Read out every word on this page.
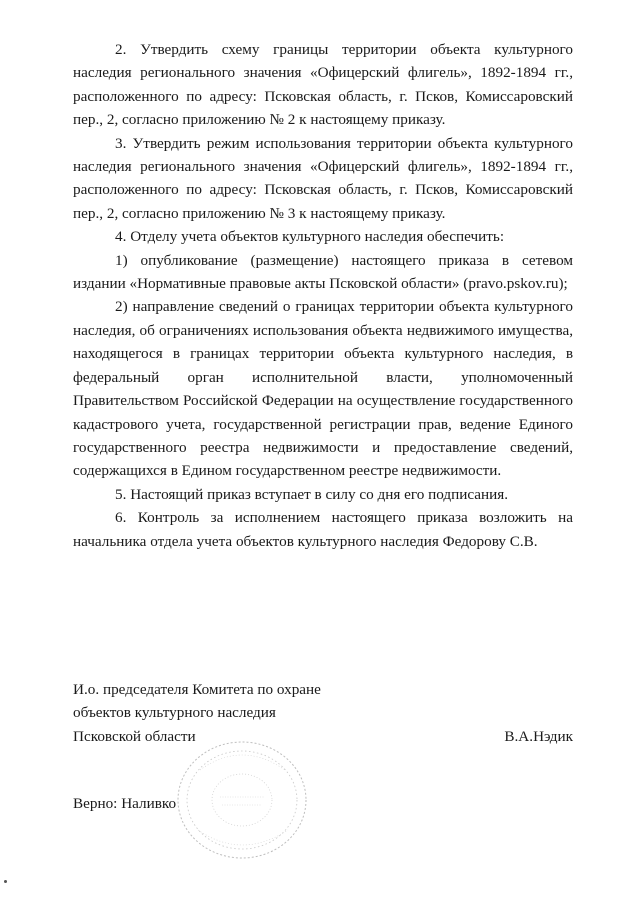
2. Утвердить схему границы территории объекта культурного наследия регионального значения «Офицерский флигель», 1892-1894 гг., расположенного по адресу: Псковская область, г. Псков, Комиссаровский пер., 2, согласно приложению № 2 к настоящему приказу.

3. Утвердить режим использования территории объекта культурного наследия регионального значения «Офицерский флигель», 1892-1894 гг., расположенного по адресу: Псковская область, г. Псков, Комиссаровский пер., 2, согласно приложению № 3 к настоящему приказу.

4. Отделу учета объектов культурного наследия обеспечить:

1) опубликование (размещение) настоящего приказа в сетевом издании «Нормативные правовые акты Псковской области» (pravo.pskov.ru);

2) направление сведений о границах территории объекта культурного наследия, об ограничениях использования объекта недвижимого имущества, находящегося в границах территории объекта культурного наследия, в федеральный орган исполнительной власти, уполномоченный Правительством Российской Федерации на осуществление государственного кадастрового учета, государственной регистрации прав, ведение Единого государственного реестра недвижимости и предоставление сведений, содержащихся в Едином государственном реестре недвижимости.

5. Настоящий приказ вступает в силу со дня его подписания.

6. Контроль за исполнением настоящего приказа возложить на начальника отдела учета объектов культурного наследия Федорову С.В.

И.о. председателя Комитета по охране
объектов культурного наследия
Псковской области	В.А.Нэдик
Верно: Наливко
